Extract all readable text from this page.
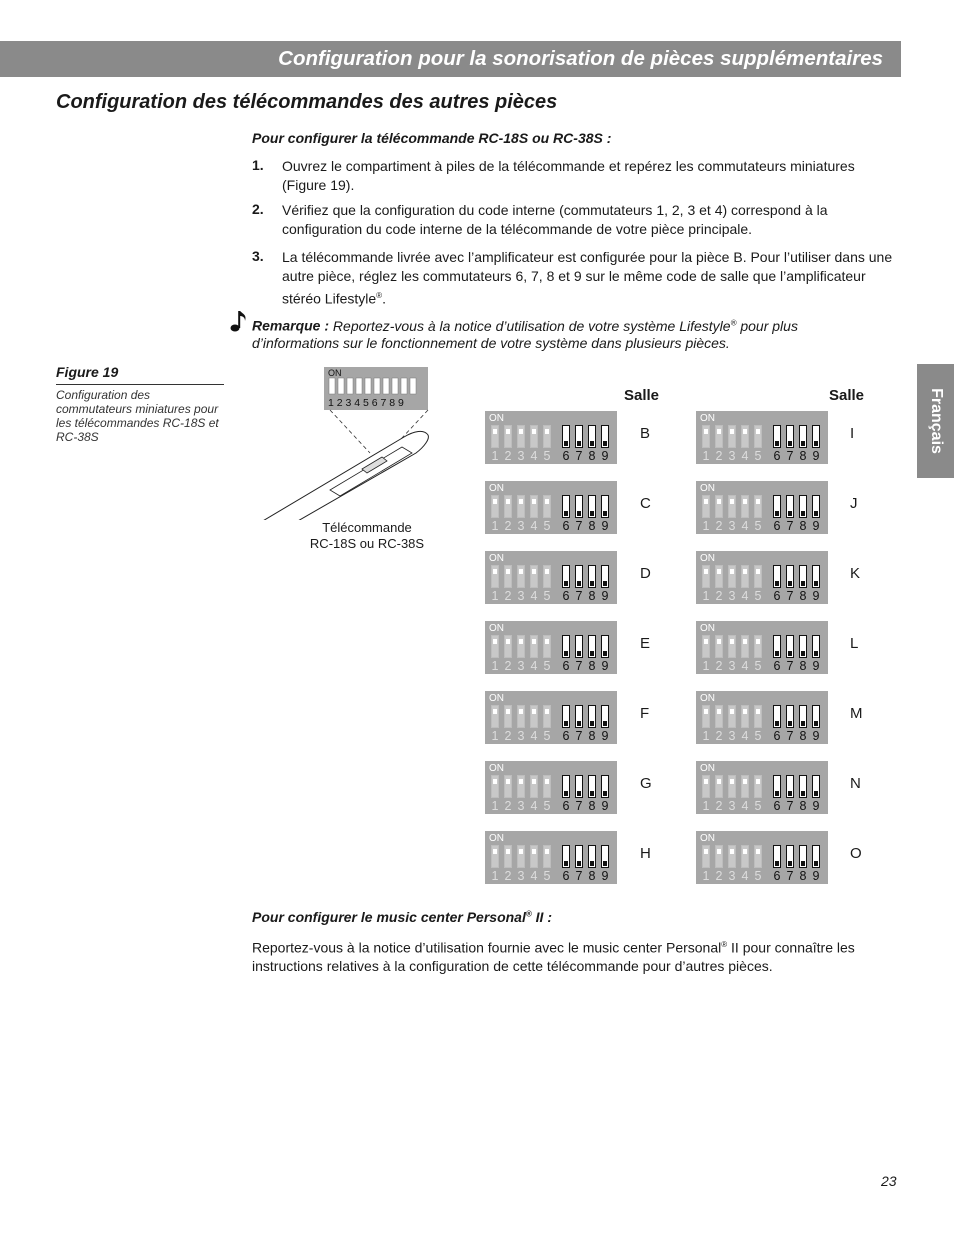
Configuration pour la sonorisation de pièces supplémentaires
Configuration des télécommandes des autres pièces
Pour configurer la télécommande RC-18S ou RC-38S :
1. Ouvrez le compartiment à piles de la télécommande et repérez les commutateurs miniatures (Figure 19).
2. Vérifiez que la configuration du code interne (commutateurs 1, 2, 3 et 4) correspond à la configuration du code interne de la télécommande de votre pièce principale.
3. La télécommande livrée avec l’amplificateur est configurée pour la pièce B. Pour l’utiliser dans une autre pièce, réglez les commutateurs 6, 7, 8 et 9 sur le même code de salle que l’amplificateur stéréo Lifestyle®.
Remarque : Reportez-vous à la notice d’utilisation de votre système Lifestyle® pour plus d’informations sur le fonctionnement de votre système dans plusieurs pièces.
Figure 19
Configuration des commutateurs miniatures pour les télécommandes RC-18S et RC-38S	Français
ON
1 2 3 4 5 6 7 8 9
Télécommande
RC-18S ou RC-38S
Salle	Salle
ON
1 2 3 4 5 6 7 8 9
B
ON
1 2 3 4 5 6 7 8 9
C
ON
1 2 3 4 5 6 7 8 9
D
ON
1 2 3 4 5 6 7 8 9
E
ON
1 2 3 4 5 6 7 8 9
F
ON
1 2 3 4 5 6 7 8 9
G
ON
1 2 3 4 5 6 7 8 9
H
ON
1 2 3 4 5 6 7 8 9
I
ON
1 2 3 4 5 6 7 8 9
J
ON
1 2 3 4 5 6 7 8 9
K
ON
1 2 3 4 5 6 7 8 9
L
ON
1 2 3 4 5 6 7 8 9
M
ON
1 2 3 4 5 6 7 8 9
N
ON
1 2 3 4 5 6 7 8 9
O
Pour configurer le music center Personal® II :
Reportez-vous à la notice d’utilisation fournie avec le music center Personal® II pour connaître les instructions relatives à la configuration de cette télécommande pour d’autres pièces.
23
